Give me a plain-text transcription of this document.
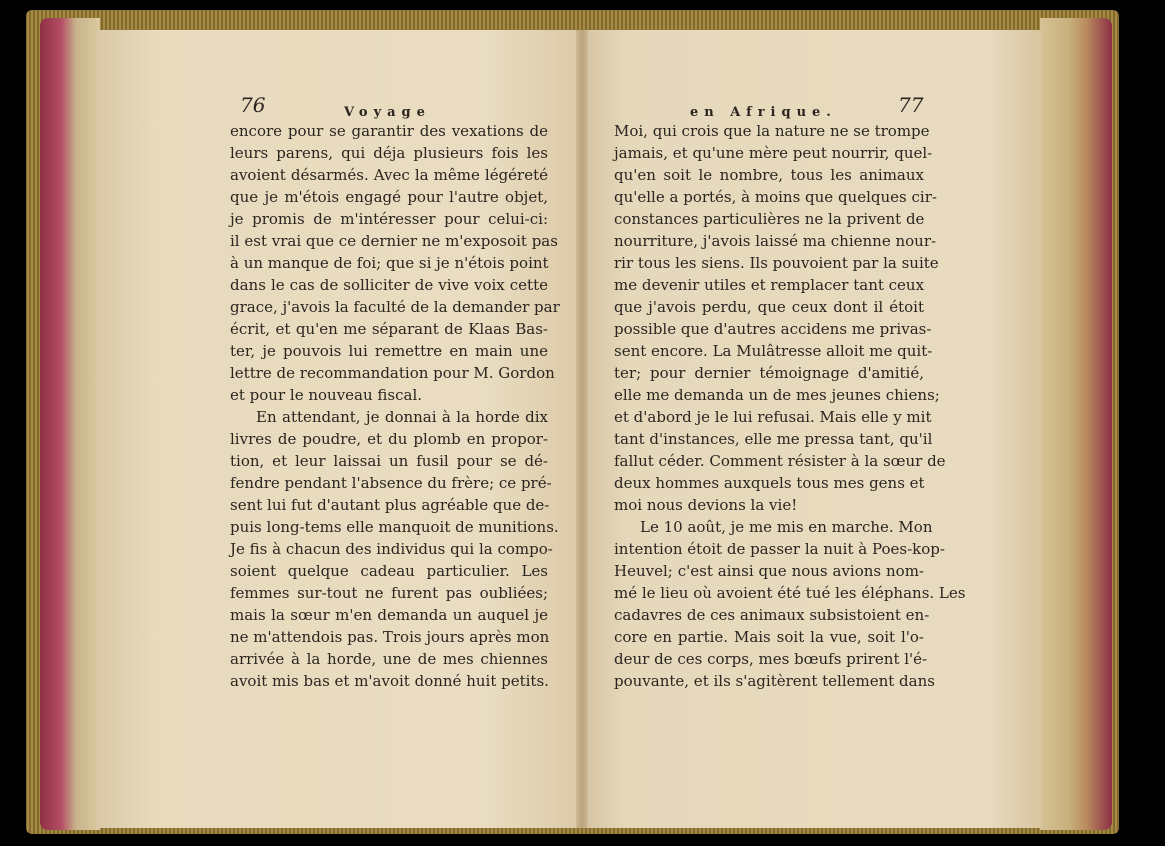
76	Voyage	en Afrique.	77
encore pour se garantir des vexations de
leurs parens, qui déja plusieurs fois les
avoient désarmés. Avec la même légéreté
que je m'étois engagé pour l'autre objet,
je promis de m'intéresser pour celui-ci:
il est vrai que ce dernier ne m'exposoit pas
à un manque de foi; que si je n'étois point
dans le cas de solliciter de vive voix cette
grace, j'avois la faculté de la demander par
écrit, et qu'en me séparant de Klaas Bas-
ter, je pouvois lui remettre en main une
lettre de recommandation pour M. Gordon
et pour le nouveau fiscal.
En attendant, je donnai à la horde dix
livres de poudre, et du plomb en propor-
tion, et leur laissai un fusil pour se dé-
fendre pendant l'absence du frère; ce pré-
sent lui fut d'autant plus agréable que de-
puis long-tems elle manquoit de munitions.
Je fis à chacun des individus qui la compo-
soient quelque cadeau particulier. Les
femmes sur-tout ne furent pas oubliées;
mais la sœur m'en demanda un auquel je
ne m'attendois pas. Trois jours après mon
arrivée à la horde, une de mes chiennes
avoit mis bas et m'avoit donné huit petits.
Moi, qui crois que la nature ne se trompe
jamais, et qu'une mère peut nourrir, quel-
qu'en soit le nombre, tous les animaux
qu'elle a portés, à moins que quelques cir-
constances particulières ne la privent de
nourriture, j'avois laissé ma chienne nour-
rir tous les siens. Ils pouvoient par la suite
me devenir utiles et remplacer tant ceux
que j'avois perdu, que ceux dont il étoit
possible que d'autres accidens me privas-
sent encore. La Mulâtresse alloit me quit-
ter; pour dernier témoignage d'amitié,
elle me demanda un de mes jeunes chiens;
et d'abord je le lui refusai. Mais elle y mit
tant d'instances, elle me pressa tant, qu'il
fallut céder. Comment résister à la sœur de
deux hommes auxquels tous mes gens et
moi nous devions la vie!
Le 10 août, je me mis en marche. Mon
intention étoit de passer la nuit à Poes-kop-
Heuvel; c'est ainsi que nous avions nom-
mé le lieu où avoient été tué les éléphans. Les
cadavres de ces animaux subsistoient en-
core en partie. Mais soit la vue, soit l'o-
deur de ces corps, mes bœufs prirent l'é-
pouvante, et ils s'agitèrent tellement dans
